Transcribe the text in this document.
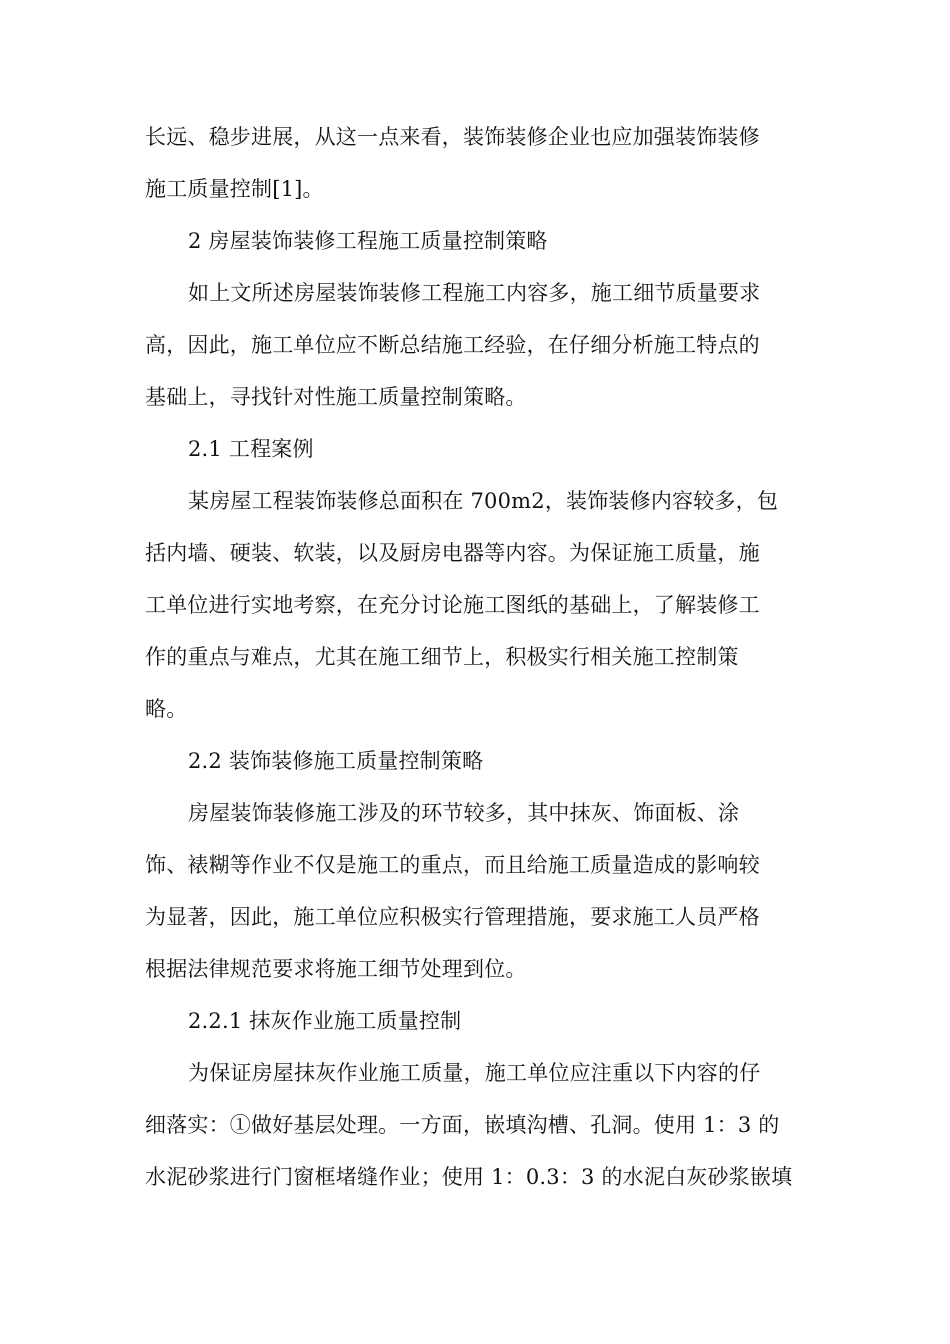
长远、稳步进展，从这一点来看，装饰装修企业也应加强装饰装修
施工质量控制[1]。
2 房屋装饰装修工程施工质量控制策略
如上文所述房屋装饰装修工程施工内容多，施工细节质量要求
高，因此，施工单位应不断总结施工经验，在仔细分析施工特点的
基础上，寻找针对性施工质量控制策略。
2.1 工程案例
某房屋工程装饰装修总面积在 700m2，装饰装修内容较多，包
括内墙、硬装、软装，以及厨房电器等内容。为保证施工质量，施
工单位进行实地考察，在充分讨论施工图纸的基础上，了解装修工
作的重点与难点，尤其在施工细节上，积极实行相关施工控制策
略。
2.2 装饰装修施工质量控制策略
房屋装饰装修施工涉及的环节较多，其中抹灰、饰面板、涂
饰、裱糊等作业不仅是施工的重点，而且给施工质量造成的影响较
为显著，因此，施工单位应积极实行管理措施，要求施工人员严格
根据法律规范要求将施工细节处理到位。
2.2.1 抹灰作业施工质量控制
为保证房屋抹灰作业施工质量，施工单位应注重以下内容的仔
细落实：①做好基层处理。一方面，嵌填沟槽、孔洞。使用 1：3 的
水泥砂浆进行门窗框堵缝作业；使用 1：0.3：3 的水泥白灰砂浆嵌填
